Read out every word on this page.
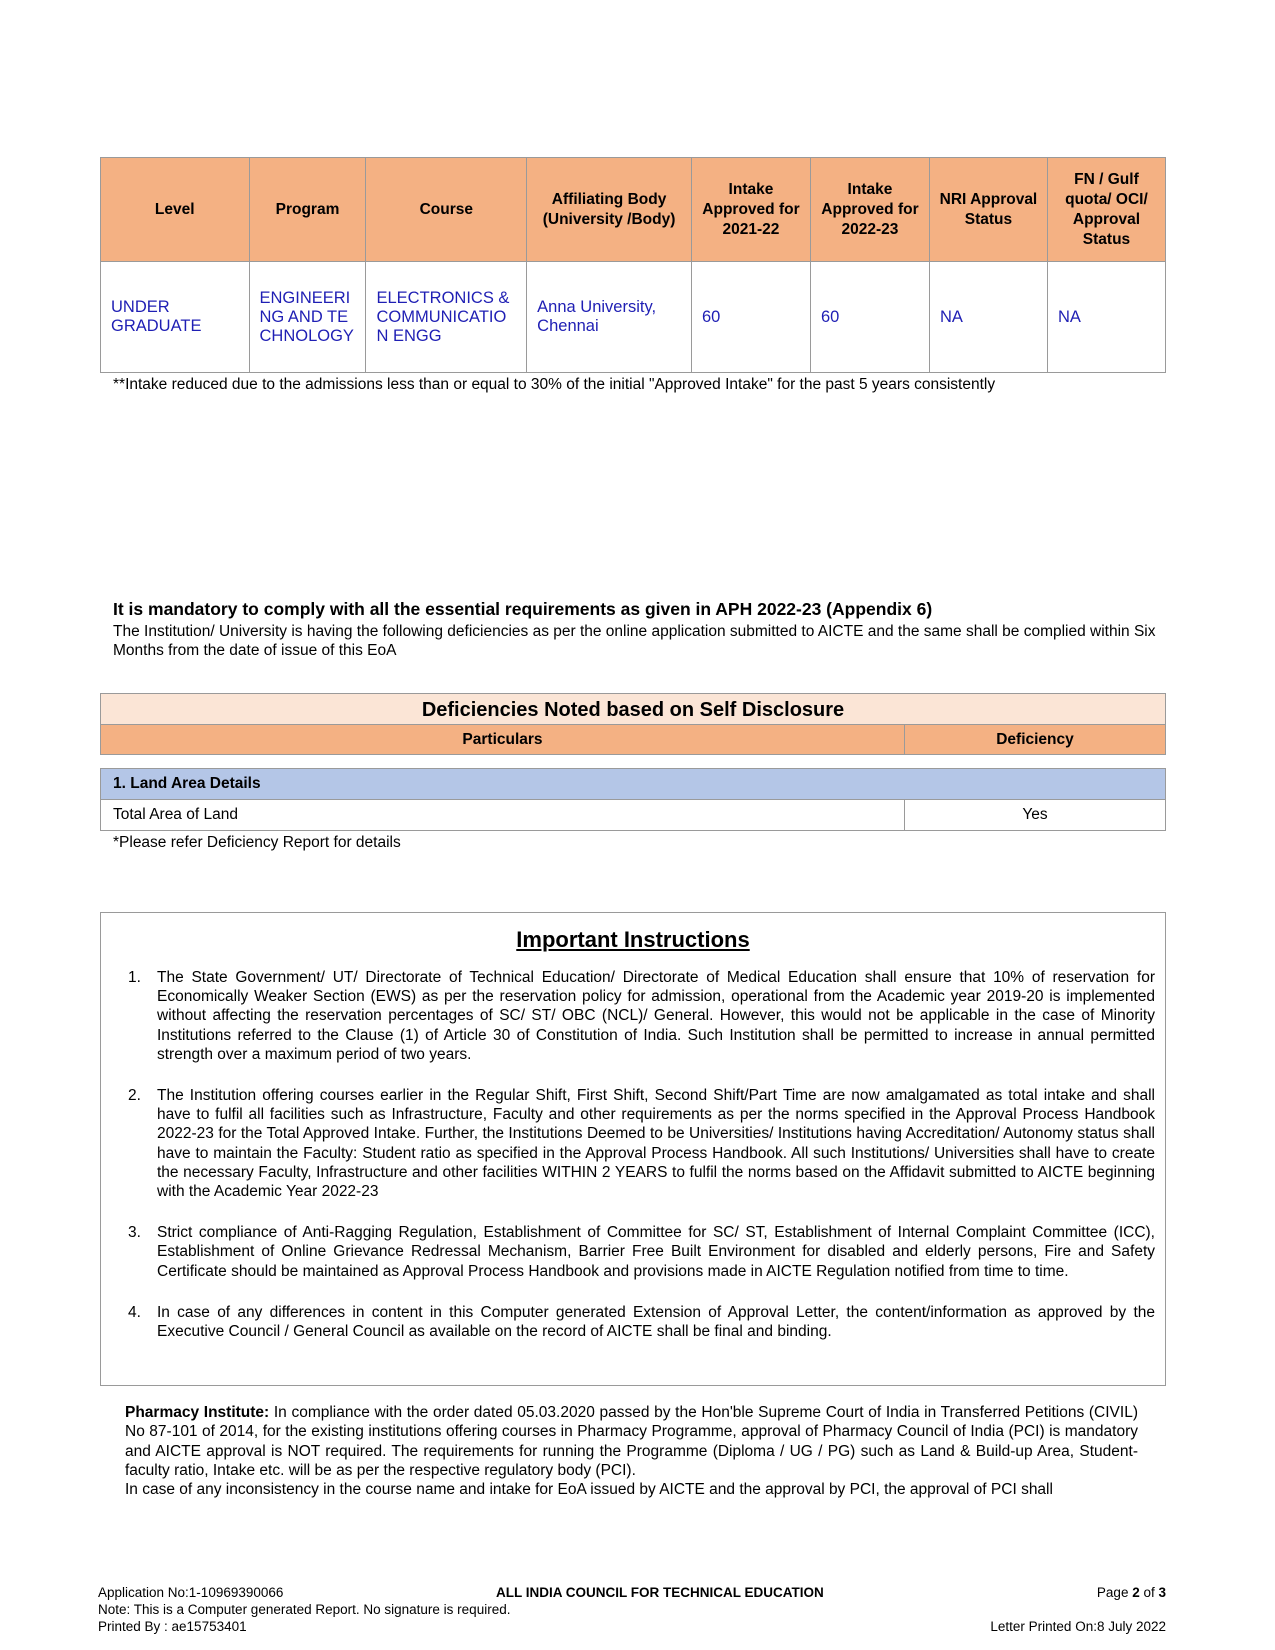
Level	Program	Course	Affiliating Body (University /Body)	Intake Approved for 2021-22	Intake Approved for 2022-23	NRI Approval Status	FN / Gulf quota/ OCI/ Approval Status
UNDER GRADUATE	ENGINEERING AND TECHNOLOGY	ELECTRONICS & COMMUNICATION ENGG	Anna University, Chennai	60	60	NA	NA
**Intake reduced due to the admissions less than or equal to 30% of the initial "Approved Intake" for the past 5 years consistently
It is mandatory to comply with all the essential requirements as given in APH 2022-23 (Appendix 6)
The Institution/ University is having the following deficiencies as per the online application submitted to AICTE and the same shall be complied within Six Months from the date of issue of this EoA
Deficiencies Noted based on Self Disclosure
Particulars	Deficiency
1. Land Area Details
Total Area of Land	Yes
*Please refer Deficiency Report for details
Important Instructions
1. The State Government/ UT/ Directorate of Technical Education/ Directorate of Medical Education shall ensure that 10% of reservation for Economically Weaker Section (EWS) as per the reservation policy for admission, operational from the Academic year 2019-20 is implemented without affecting the reservation percentages of SC/ ST/ OBC (NCL)/ General. However, this would not be applicable in the case of Minority Institutions referred to the Clause (1) of Article 30 of Constitution of India. Such Institution shall be permitted to increase in annual permitted strength over a maximum period of two years.
2. The Institution offering courses earlier in the Regular Shift, First Shift, Second Shift/Part Time are now amalgamated as total intake and shall have to fulfil all facilities such as Infrastructure, Faculty and other requirements as per the norms specified in the Approval Process Handbook 2022-23 for the Total Approved Intake. Further, the Institutions Deemed to be Universities/ Institutions having Accreditation/ Autonomy status shall have to maintain the Faculty: Student ratio as specified in the Approval Process Handbook. All such Institutions/ Universities shall have to create the necessary Faculty, Infrastructure and other facilities WITHIN 2 YEARS to fulfil the norms based on the Affidavit submitted to AICTE beginning with the Academic Year 2022-23
3. Strict compliance of Anti-Ragging Regulation, Establishment of Committee for SC/ ST, Establishment of Internal Complaint Committee (ICC), Establishment of Online Grievance Redressal Mechanism, Barrier Free Built Environment for disabled and elderly persons, Fire and Safety Certificate should be maintained as Approval Process Handbook and provisions made in AICTE Regulation notified from time to time.
4. In case of any differences in content in this Computer generated Extension of Approval Letter, the content/information as approved by the Executive Council / General Council as available on the record of AICTE shall be final and binding.

Pharmacy Institute: In compliance with the order dated 05.03.2020 passed by the Hon'ble Supreme Court of India in Transferred Petitions (CIVIL) No 87-101 of 2014, for the existing institutions offering courses in Pharmacy Programme, approval of Pharmacy Council of India (PCI) is mandatory and AICTE approval is NOT required. The requirements for running the Programme (Diploma / UG / PG) such as Land & Build-up Area, Student-faculty ratio, Intake etc. will be as per the respective regulatory body (PCI).

In case of any inconsistency in the course name and intake for EoA issued by AICTE and the approval by PCI, the approval of PCI shall

Application No:1-10969390066
Note: This is a Computer generated Report. No signature is required.
Printed By : ae15753401
ALL INDIA COUNCIL FOR TECHNICAL EDUCATION	Page 2 of 3
Letter Printed On:8 July 2022
